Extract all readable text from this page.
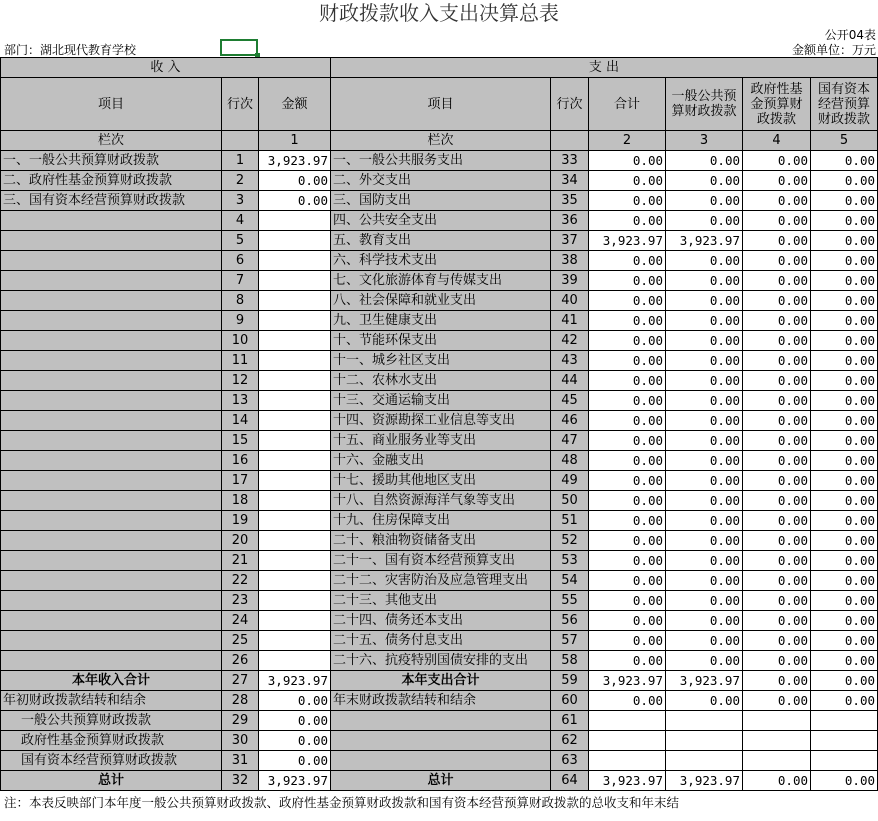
财政拨款收入支出决算总表
公开04表
部门：湖北现代教育学校	金额单位：万元
收 入			支 出					
项目	行次	金额	项目	行次	合计	一般公共预算财政拨款	政府性基金预算财政拨款	国有资本经营预算财政拨款
栏次		1	栏次		2	3	4	5
一、一般公共预算财政拨款	1	3,923.97	一、一般公共服务支出	33	0.00	0.00	0.00	0.00
二、政府性基金预算财政拨款	2	0.00	二、外交支出	34	0.00	0.00	0.00	0.00
三、国有资本经营预算财政拨款	3	0.00	三、国防支出	35	0.00	0.00	0.00	0.00
	4		四、公共安全支出	36	0.00	0.00	0.00	0.00
	5		五、教育支出	37	3,923.97	3,923.97	0.00	0.00
	6		六、科学技术支出	38	0.00	0.00	0.00	0.00
	7		七、文化旅游体育与传媒支出	39	0.00	0.00	0.00	0.00
	8		八、社会保障和就业支出	40	0.00	0.00	0.00	0.00
	9		九、卫生健康支出	41	0.00	0.00	0.00	0.00
	10		十、节能环保支出	42	0.00	0.00	0.00	0.00
	11		十一、城乡社区支出	43	0.00	0.00	0.00	0.00
	12		十二、农林水支出	44	0.00	0.00	0.00	0.00
	13		十三、交通运输支出	45	0.00	0.00	0.00	0.00
	14		十四、资源勘探工业信息等支出	46	0.00	0.00	0.00	0.00
	15		十五、商业服务业等支出	47	0.00	0.00	0.00	0.00
	16		十六、金融支出	48	0.00	0.00	0.00	0.00
	17		十七、援助其他地区支出	49	0.00	0.00	0.00	0.00
	18		十八、自然资源海洋气象等支出	50	0.00	0.00	0.00	0.00
	19		十九、住房保障支出	51	0.00	0.00	0.00	0.00
	20		二十、粮油物资储备支出	52	0.00	0.00	0.00	0.00
	21		二十一、国有资本经营预算支出	53	0.00	0.00	0.00	0.00
	22		二十二、灾害防治及应急管理支出	54	0.00	0.00	0.00	0.00
	23		二十三、其他支出	55	0.00	0.00	0.00	0.00
	24		二十四、债务还本支出	56	0.00	0.00	0.00	0.00
	25		二十五、债务付息支出	57	0.00	0.00	0.00	0.00
	26		二十六、抗疫特别国债安排的支出	58	0.00	0.00	0.00	0.00
本年收入合计	27	3,923.97	本年支出合计	59	3,923.97	3,923.97	0.00	0.00
年初财政拨款结转和结余	28	0.00	年末财政拨款结转和结余	60	0.00	0.00	0.00	0.00
一般公共预算财政拨款	29	0.00		61				
政府性基金预算财政拨款	30	0.00		62				
国有资本经营预算财政拨款	31	0.00		63				
总计	32	3,923.97	总计	64	3,923.97	3,923.97	0.00	0.00
注：本表反映部门本年度一般公共预算财政拨款、政府性基金预算财政拨款和国有资本经营预算财政拨款的总收支和年末结
